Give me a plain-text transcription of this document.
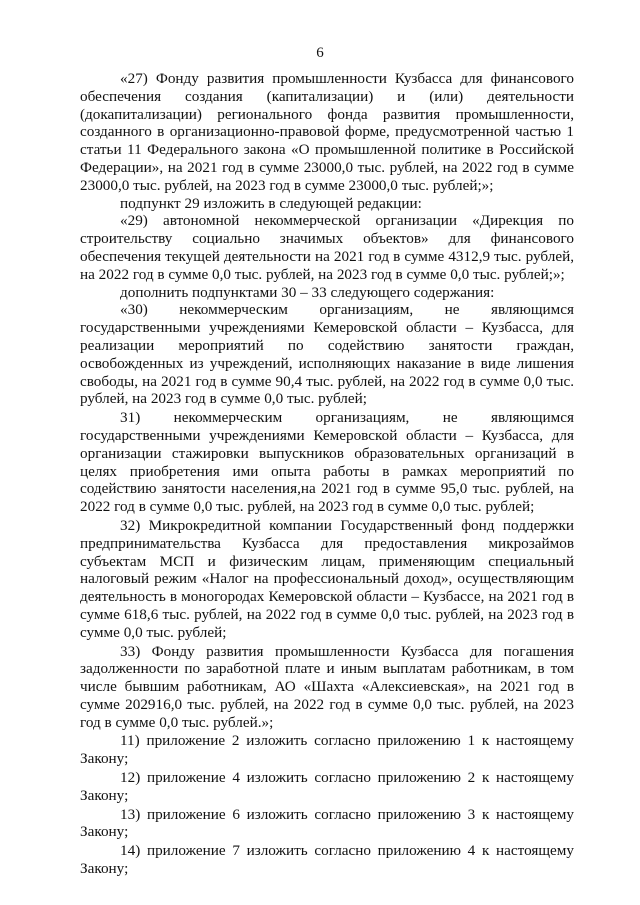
6

«27) Фонду развития промышленности Кузбасса для финансового обеспечения создания (капитализации) и (или) деятельности (докапитализации) регионального фонда развития промышленности, созданного в организационно-правовой форме, предусмотренной частью 1 статьи 11 Федерального закона «О промышленной политике в Российской Федерации», на 2021 год в сумме 23000,0 тыс. рублей, на 2022 год в сумме 23000,0 тыс. рублей, на 2023 год в сумме 23000,0 тыс. рублей;»;

подпункт 29 изложить в следующей редакции:

«29) автономной некоммерческой организации «Дирекция по строительству социально значимых объектов» для финансового обеспечения текущей деятельности на 2021 год в сумме 4312,9 тыс. рублей, на 2022 год в сумме 0,0 тыс. рублей, на 2023 год в сумме 0,0 тыс. рублей;»;

дополнить подпунктами 30 – 33 следующего содержания:

«30) некоммерческим организациям, не являющимся государственными учреждениями Кемеровской области – Кузбасса, для реализации мероприятий по содействию занятости граждан, освобожденных из учреждений, исполняющих наказание в виде лишения свободы, на 2021 год в сумме 90,4 тыс. рублей, на 2022 год в сумме 0,0 тыс. рублей, на 2023 год в сумме 0,0 тыс. рублей;

31) некоммерческим организациям, не являющимся государственными учреждениями Кемеровской области – Кузбасса, для организации стажировки выпускников образовательных организаций в целях приобретения ими опыта работы в рамках мероприятий по содействию занятости населения,на 2021 год в сумме 95,0 тыс. рублей, на 2022 год в сумме 0,0 тыс. рублей, на 2023 год в сумме 0,0 тыс. рублей;

32) Микрокредитной компании Государственный фонд поддержки предпринимательства Кузбасса для предоставления микрозаймов субъектам МСП и физическим лицам, применяющим специальный налоговый режим «Налог на профессиональный доход», осуществляющим деятельность в моногородах Кемеровской области – Кузбассе, на 2021 год в сумме 618,6 тыс. рублей, на 2022 год в сумме 0,0 тыс. рублей, на 2023 год в сумме 0,0 тыс. рублей;

33) Фонду развития промышленности Кузбасса для погашения задолженности по заработной плате и иным выплатам работникам, в том числе бывшим работникам, АО «Шахта «Алексиевская», на 2021 год в сумме 202916,0 тыс. рублей, на 2022 год в сумме 0,0 тыс. рублей, на 2023 год в сумме 0,0 тыс. рублей.»;

11) приложение 2 изложить согласно приложению 1 к настоящему Закону;

12) приложение 4 изложить согласно приложению 2 к настоящему Закону;

13) приложение 6 изложить согласно приложению 3 к настоящему Закону;

14) приложение 7 изложить согласно приложению 4 к настоящему Закону;
